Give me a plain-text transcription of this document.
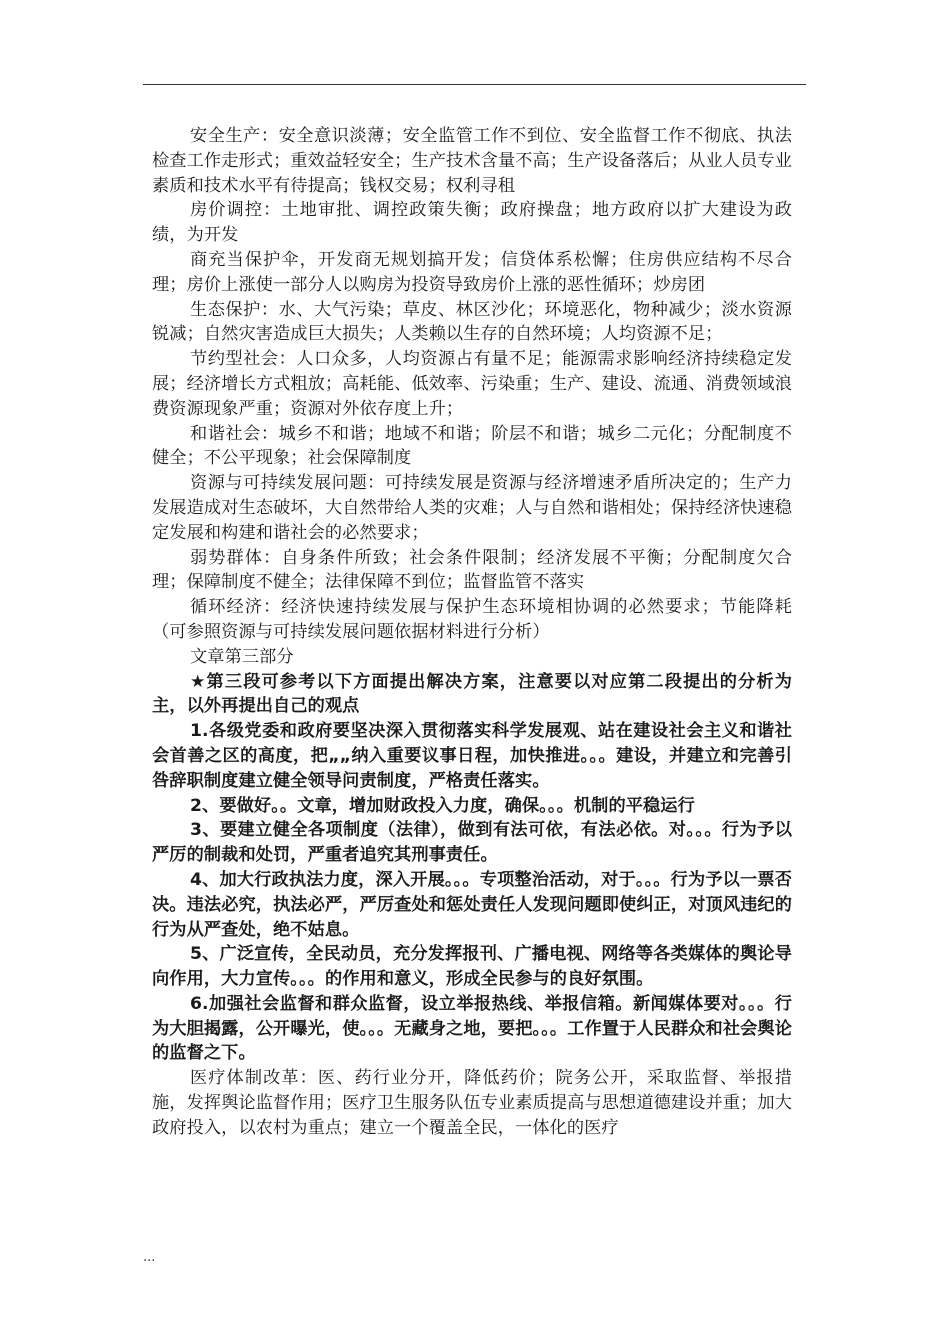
安全生产：安全意识淡薄；安全监管工作不到位、安全监督工作不彻底、执法检查工作走形式；重效益轻安全；生产技术含量不高；生产设备落后；从业人员专业素质和技术水平有待提高；钱权交易；权利寻租

房价调控：土地审批、调控政策失衡；政府操盘；地方政府以扩大建设为政绩，为开发

商充当保护伞，开发商无规划搞开发；信贷体系松懈；住房供应结构不尽合理；房价上涨使一部分人以购房为投资导致房价上涨的恶性循环；炒房团

生态保护：水、大气污染；草皮、林区沙化；环境恶化，物种减少；淡水资源锐减；自然灾害造成巨大损失；人类赖以生存的自然环境；人均资源不足；

节约型社会：人口众多，人均资源占有量不足；能源需求影响经济持续稳定发展；经济增长方式粗放；高耗能、低效率、污染重；生产、建设、流通、消费领域浪费资源现象严重；资源对外依存度上升；

和谐社会：城乡不和谐；地域不和谐；阶层不和谐；城乡二元化；分配制度不健全；不公平现象；社会保障制度

资源与可持续发展问题：可持续发展是资源与经济增速矛盾所决定的；生产力发展造成对生态破坏，大自然带给人类的灾难；人与自然和谐相处；保持经济快速稳定发展和构建和谐社会的必然要求；

弱势群体：自身条件所致；社会条件限制；经济发展不平衡；分配制度欠合理；保障制度不健全；法律保障不到位；监督监管不落实

循环经济：经济快速持续发展与保护生态环境相协调的必然要求；节能降耗（可参照资源与可持续发展问题依据材料进行分析）

文章第三部分

★第三段可参考以下方面提出解决方案，注意要以对应第二段提出的分析为主，以外再提出自己的观点

1.各级党委和政府要坚决深入贯彻落实科学发展观、站在建设社会主义和谐社会首善之区的高度，把„„纳入重要议事日程，加快推进。。。建设，并建立和完善引咎辞职制度建立健全领导问责制度，严格责任落实。

2、要做好。。文章，增加财政投入力度，确保。。。机制的平稳运行

3、要建立健全各项制度（法律），做到有法可依，有法必依。对。。。行为予以严厉的制裁和处罚，严重者追究其刑事责任。

4、加大行政执法力度，深入开展。。。专项整治活动，对于。。。行为予以一票否决。违法必究，执法必严，严厉查处和惩处责任人发现问题即使纠正，对顶风违纪的行为从严查处，绝不姑息。

5、广泛宣传，全民动员，充分发挥报刊、广播电视、网络等各类媒体的舆论导向作用，大力宣传。。。的作用和意义，形成全民参与的良好氛围。

6.加强社会监督和群众监督，设立举报热线、举报信箱。新闻媒体要对。。。行为大胆揭露，公开曝光，使。。。无藏身之地，要把。。。工作置于人民群众和社会舆论的监督之下。

医疗体制改革：医、药行业分开，降低药价；院务公开，采取监督、举报措施，发挥舆论监督作用；医疗卫生服务队伍专业素质提高与思想道德建设并重；加大政府投入，以农村为重点；建立一个覆盖全民，一体化的医疗

...
